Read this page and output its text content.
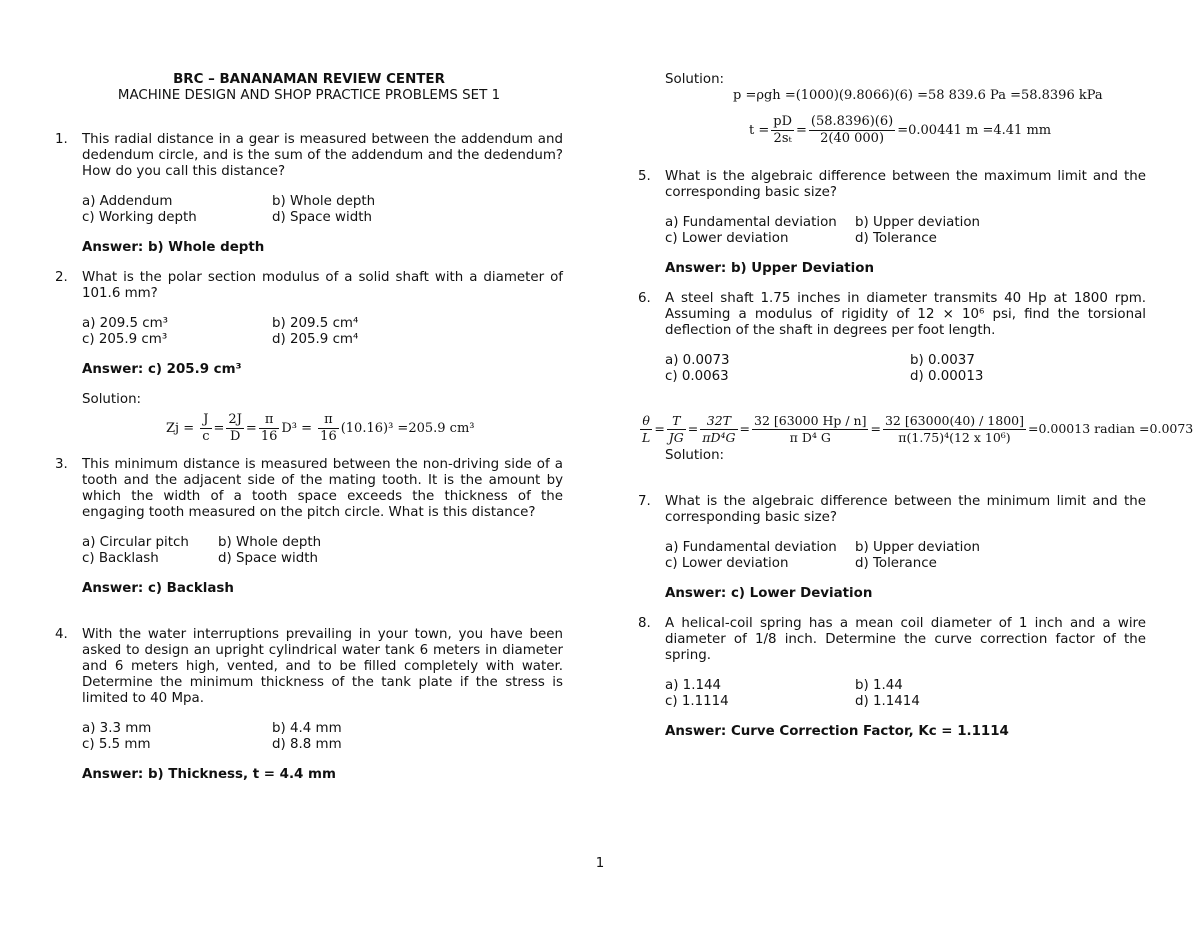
BRC – BANANAMAN REVIEW CENTER
MACHINE DESIGN AND SHOP PRACTICE PROBLEMS SET 1
1. This radial distance in a gear is measured between the addendum and dedendum circle, and is the sum of the addendum and the dedendum? How do you call this distance?
a) Addendum	b) Whole depth
c) Working depth	d) Space width
Answer: b) Whole depth
2. What is the polar section modulus of a solid shaft with a diameter of 101.6 mm?
a) 209.5 cm³	b) 209.5 cm⁴
c) 205.9 cm³	d) 205.9 cm⁴
Answer: c) 205.9 cm³
Solution:
$Zj = \frac{J}{c} = \frac{2J}{D} = \frac{\pi}{16} D^3 = \frac{\pi}{16} (10.16)^3 =205.9$ cm³
3. This minimum distance is measured between the non-driving side of a tooth and the adjacent side of the mating tooth. It is the amount by which the width of a tooth space exceeds the thickness of the engaging tooth measured on the pitch circle. What is this distance?
a) Circular pitch	b) Whole depth
c) Backlash	d) Space width
Answer: c) Backlash
4. With the water interruptions prevailing in your town, you have been asked to design an upright cylindrical water tank 6 meters in diameter and 6 meters high, vented, and to be filled completely with water. Determine the minimum thickness of the tank plate if the stress is limited to 40 Mpa.
a) 3.3 mm	b) 4.4 mm
c) 5.5 mm	d) 8.8 mm
Answer: b) Thickness, t = 4.4 mm
Solution:
p =ρgh =(1000)(9.8066)(6) =58 839.6 Pa =58.8396 kPa
$t = \frac{pD}{\text{2sₜ}} = \frac{(58.8396)(6)}{2(40 000)} =0.00441$ m =4.41 mm
5. What is the algebraic difference between the maximum limit and the corresponding basic size?
a) Fundamental deviation	b) Upper deviation
c) Lower deviation	d) Tolerance
Answer: b) Upper Deviation
6. A steel shaft 1.75 inches in diameter transmits 40 Hp at 1800 rpm. Assuming a modulus of rigidity of 12 × 10⁶ psi, find the torsional deflection of the shaft in degrees per foot length.
a) 0.0073	b) 0.0037
c) 0.0063	d) 0.00013
$\frac{\theta}{L} = \frac{T}{JG} = \frac{32T}{\text{πD⁴G}} = \frac{32 [63000 Hp / n]}{\text{π D⁴ G}} = \frac{32 [63000(40) / 1800]}{\text{π(1.75)⁴(12 x 10⁶)}} =0.00013$ radian =0.0073
Solution:
7. What is the algebraic difference between the minimum limit and the corresponding basic size?
a) Fundamental deviation	b) Upper deviation
c) Lower deviation	d) Tolerance
Answer: c) Lower Deviation
8. A helical-coil spring has a mean coil diameter of 1 inch and a wire diameter of 1/8 inch. Determine the curve correction factor of the spring.
a) 1.144	b) 1.44
c) 1.1114	d) 1.1414
Answer: Curve Correction Factor, Kc = 1.1114
1
